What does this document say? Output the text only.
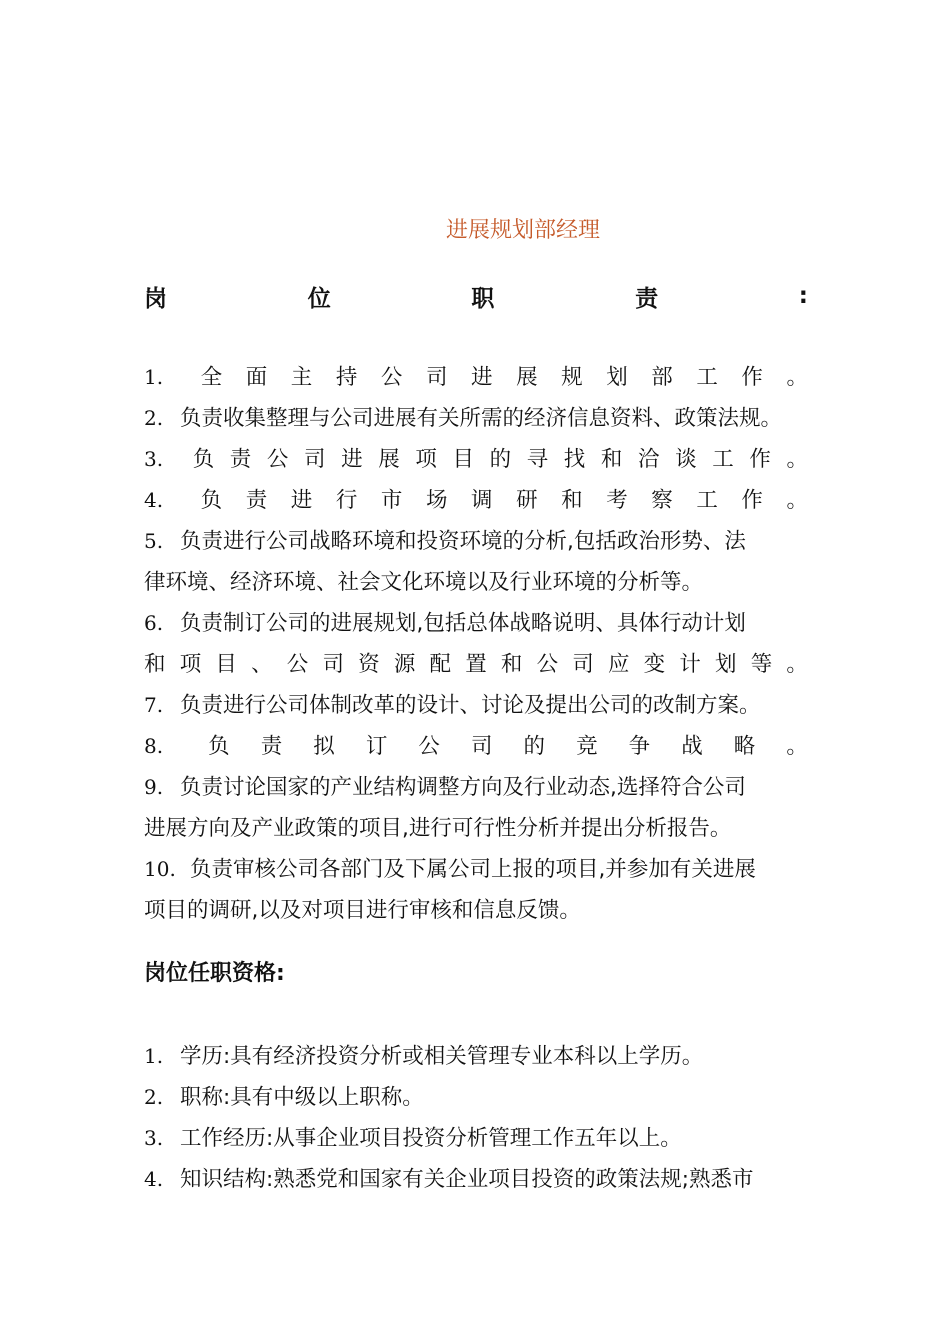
进展规划部经理
岗	位	职	责	:
1. 全 面 主 持 公 司 进 展 规 划 部 工 作 。
2. 负责收集整理与公司进展有关所需的经济信息资料、政策法规。
3. 负 责 公 司 进 展 项 目 的 寻 找 和 洽 谈 工 作 。
4. 负 责 进 行 市 场 调 研 和 考 察 工 作 。
5. 负责进行公司战略环境和投资环境的分析,包括政治形势、法
律环境、经济环境、社会文化环境以及行业环境的分析等。
6. 负责制订公司的进展规划,包括总体战略说明、具体行动计划
和 项 目 、 公 司 资 源 配 置 和 公 司 应 变 计 划 等 。
7. 负责进行公司体制改革的设计、讨论及提出公司的改制方案。
8. 负 责 拟 订 公 司 的 竞 争 战 略 。
9. 负责讨论国家的产业结构调整方向及行业动态,选择符合公司
进展方向及产业政策的项目,进行可行性分析并提出分析报告。
10. 负责审核公司各部门及下属公司上报的项目,并参加有关进展
项目的调研,以及对项目进行审核和信息反馈。
岗位任职资格:
1. 学历:具有经济投资分析或相关管理专业本科以上学历。
2. 职称:具有中级以上职称。
3. 工作经历:从事企业项目投资分析管理工作五年以上。
4. 知识结构:熟悉党和国家有关企业项目投资的政策法规;熟悉市
